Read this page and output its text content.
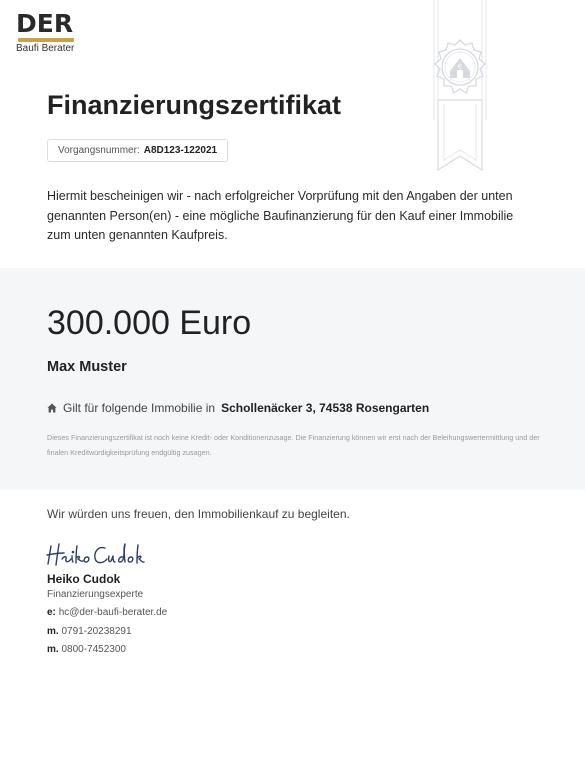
DER
Baufi Berater
€
Finanzierungszertifikat
Vorgangsnummer: A8D123-122021

Hiermit bescheinigen wir - nach erfolgreicher Vorprüfung mit den Angaben der unten genannten Person(en) - eine mögliche Baufinanzierung für den Kauf einer Immobilie zum unten genannten Kaufpreis.

300.000 Euro
Max Muster
Gilt für folgende Immobilie in Schollenäcker 3, 74538 Rosengarten

Dieses Finanzierungszertifikat ist noch keine Kredit- oder Konditionenzusage. Die Finanzierung können wir erst nach der Beleihungswertermittlung und der finalen Kreditwürdigkeitsprüfung endgültig zusagen.

Wir würden uns freuen, den Immobilienkauf zu begleiten.

Heiko Cudok
Finanzierungsexperte
e: hc@der-baufi-berater.de
m. 0791-20238291
m. 0800-7452300
